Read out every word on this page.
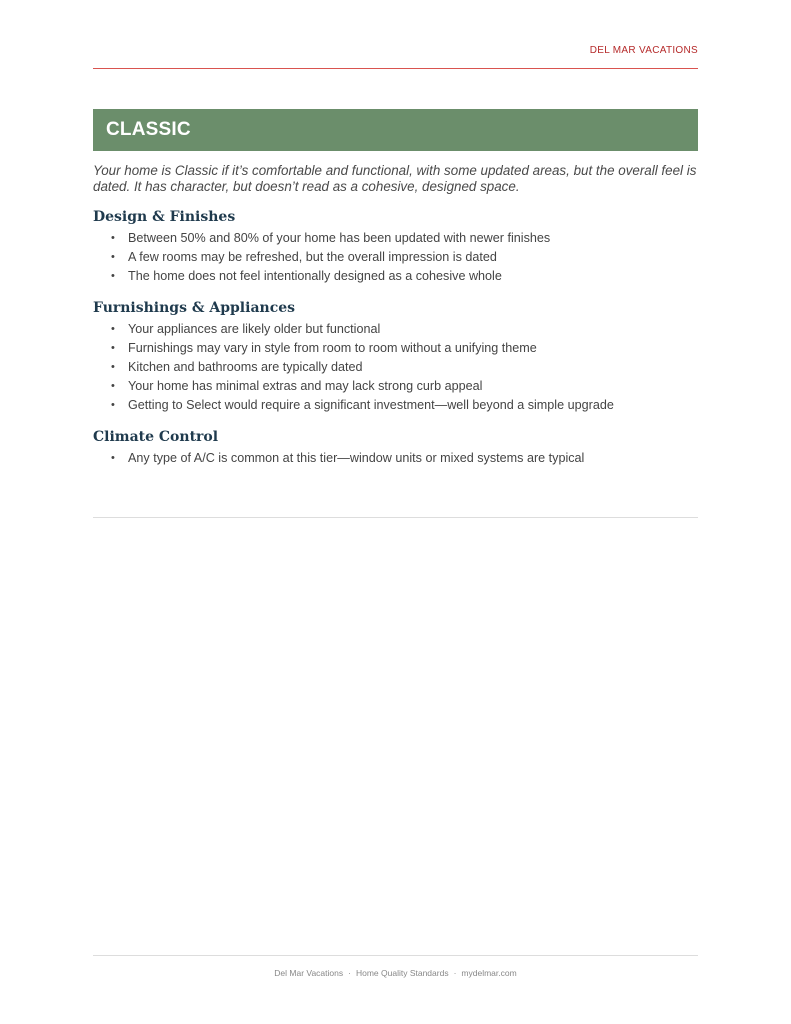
DEL MAR VACATIONS
CLASSIC

Your home is Classic if it’s comfortable and functional, with some updated areas, but the overall feel is dated. It has character, but doesn’t read as a cohesive, designed space.

Design & Finishes
• Between 50% and 80% of your home has been updated with newer finishes
• A few rooms may be refreshed, but the overall impression is dated
• The home does not feel intentionally designed as a cohesive whole
Furnishings & Appliances
• Your appliances are likely older but functional
• Furnishings may vary in style from room to room without a unifying theme
• Kitchen and bathrooms are typically dated
• Your home has minimal extras and may lack strong curb appeal
• Getting to Select would require a significant investment—well beyond a simple upgrade
Climate Control
• Any type of A/C is common at this tier—window units or mixed systems are typical
Del Mar Vacations · Home Quality Standards · mydelmar.com
